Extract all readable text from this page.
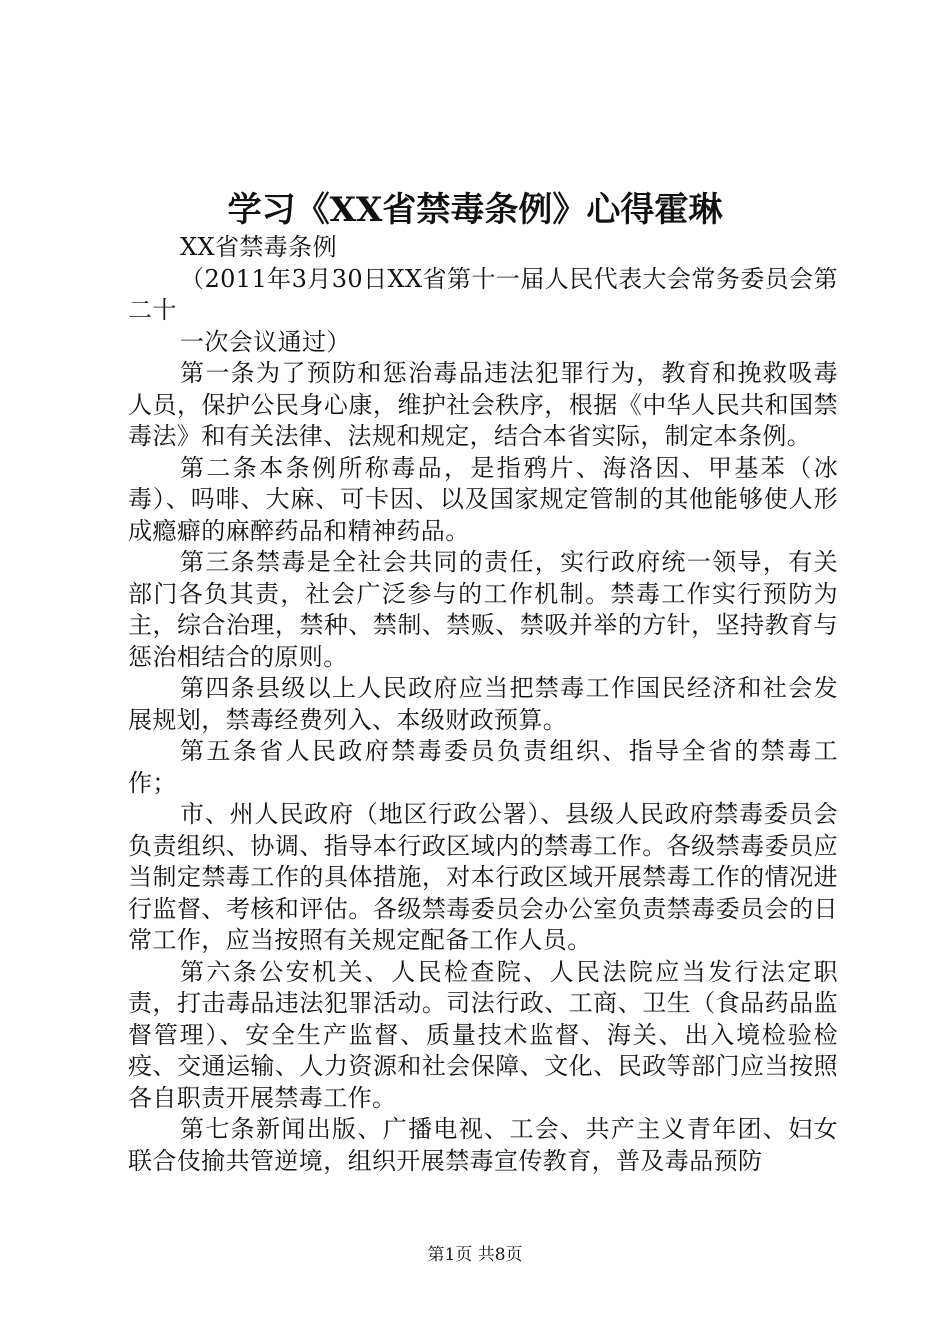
学习《XX省禁毒条例》心得霍琳

XX省禁毒条例

（2011年3月30日XX省第十一届人民代表大会常务委员会第二十

一次会议通过）

第一条为了预防和惩治毒品违法犯罪行为，教育和挽救吸毒人员，保护公民身心康，维护社会秩序，根据《中华人民共和国禁毒法》和有关法律、法规和规定，结合本省实际，制定本条例。

第二条本条例所称毒品，是指鸦片、海洛因、甲基苯（冰毒）、吗啡、大麻、可卡因、以及国家规定管制的其他能够使人形成瘾癖的麻醉药品和精神药品。

第三条禁毒是全社会共同的责任，实行政府统一领导，有关部门各负其责，社会广泛参与的工作机制。禁毒工作实行预防为主，综合治理，禁种、禁制、禁贩、禁吸并举的方针，坚持教育与惩治相结合的原则。

第四条县级以上人民政府应当把禁毒工作国民经济和社会发展规划，禁毒经费列入、本级财政预算。

第五条省人民政府禁毒委员负责组织、指导全省的禁毒工作；

市、州人民政府（地区行政公署）、县级人民政府禁毒委员会负责组织、协调、指导本行政区域内的禁毒工作。各级禁毒委员应当制定禁毒工作的具体措施，对本行政区域开展禁毒工作的情况进行监督、考核和评估。各级禁毒委员会办公室负责禁毒委员会的日常工作，应当按照有关规定配备工作人员。

第六条公安机关、人民检查院、人民法院应当发行法定职责，打击毒品违法犯罪活动。司法行政、工商、卫生（食品药品监督管理）、安全生产监督、质量技术监督、海关、出入境检验检疫、交通运输、人力资源和社会保障、文化、民政等部门应当按照各自职责开展禁毒工作。

第七条新闻出版、广播电视、工会、共产主义青年团、妇女联合伎揄共管逆境，组织开展禁毒宣传教育，普及毒品预防

第1页 共8页
